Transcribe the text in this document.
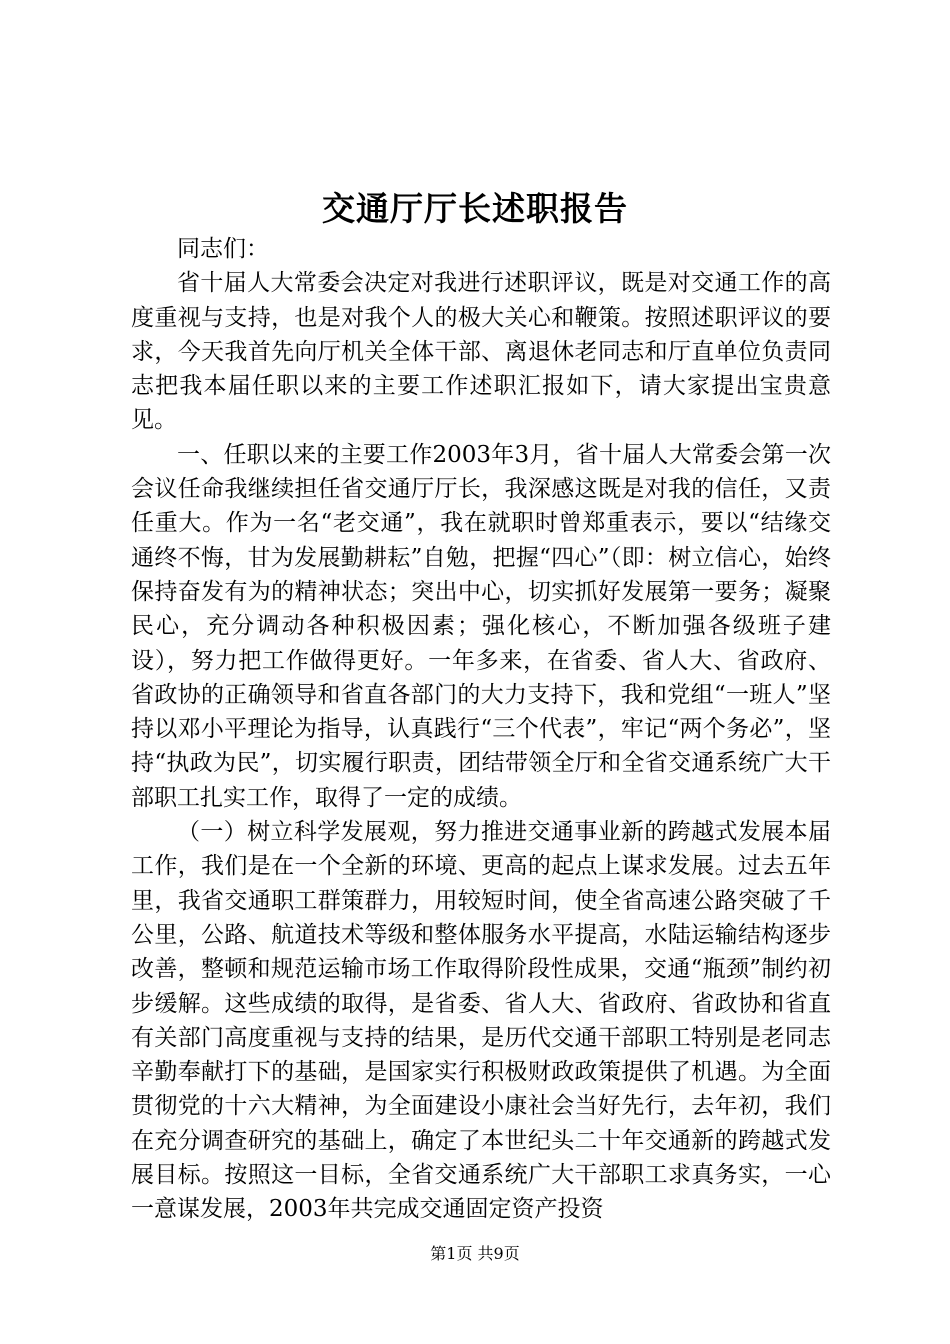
交通厅厅长述职报告

同志们：

省十届人大常委会决定对我进行述职评议，既是对交通工作的高度重视与支持，也是对我个人的极大关心和鞭策。按照述职评议的要求，今天我首先向厅机关全体干部、离退休老同志和厅直单位负责同志把我本届任职以来的主要工作述职汇报如下，请大家提出宝贵意见。

一、任职以来的主要工作2003年3月，省十届人大常委会第一次会议任命我继续担任省交通厅厅长，我深感这既是对我的信任，又责任重大。作为一名“老交通”，我在就职时曾郑重表示，要以“结缘交通终不悔，甘为发展勤耕耘”自勉，把握“四心”（即：树立信心，始终保持奋发有为的精神状态；突出中心，切实抓好发展第一要务；凝聚民心，充分调动各种积极因素；强化核心，不断加强各级班子建设），努力把工作做得更好。一年多来，在省委、省人大、省政府、省政协的正确领导和省直各部门的大力支持下，我和党组“一班人”坚持以邓小平理论为指导，认真践行“三个代表”，牢记“两个务必”，坚持“执政为民”，切实履行职责，团结带领全厅和全省交通系统广大干部职工扎实工作，取得了一定的成绩。

（一）树立科学发展观，努力推进交通事业新的跨越式发展本届工作，我们是在一个全新的环境、更高的起点上谋求发展。过去五年里，我省交通职工群策群力，用较短时间，使全省高速公路突破了千公里，公路、航道技术等级和整体服务水平提高，水陆运输结构逐步改善，整顿和规范运输市场工作取得阶段性成果，交通“瓶颈”制约初步缓解。这些成绩的取得，是省委、省人大、省政府、省政协和省直有关部门高度重视与支持的结果，是历代交通干部职工特别是老同志辛勤奉献打下的基础，是国家实行积极财政政策提供了机遇。为全面贯彻党的十六大精神，为全面建设小康社会当好先行，去年初，我们在充分调查研究的基础上，确定了本世纪头二十年交通新的跨越式发展目标。按照这一目标，全省交通系统广大干部职工求真务实，一心一意谋发展，2003年共完成交通固定资产投资

第1页 共9页
